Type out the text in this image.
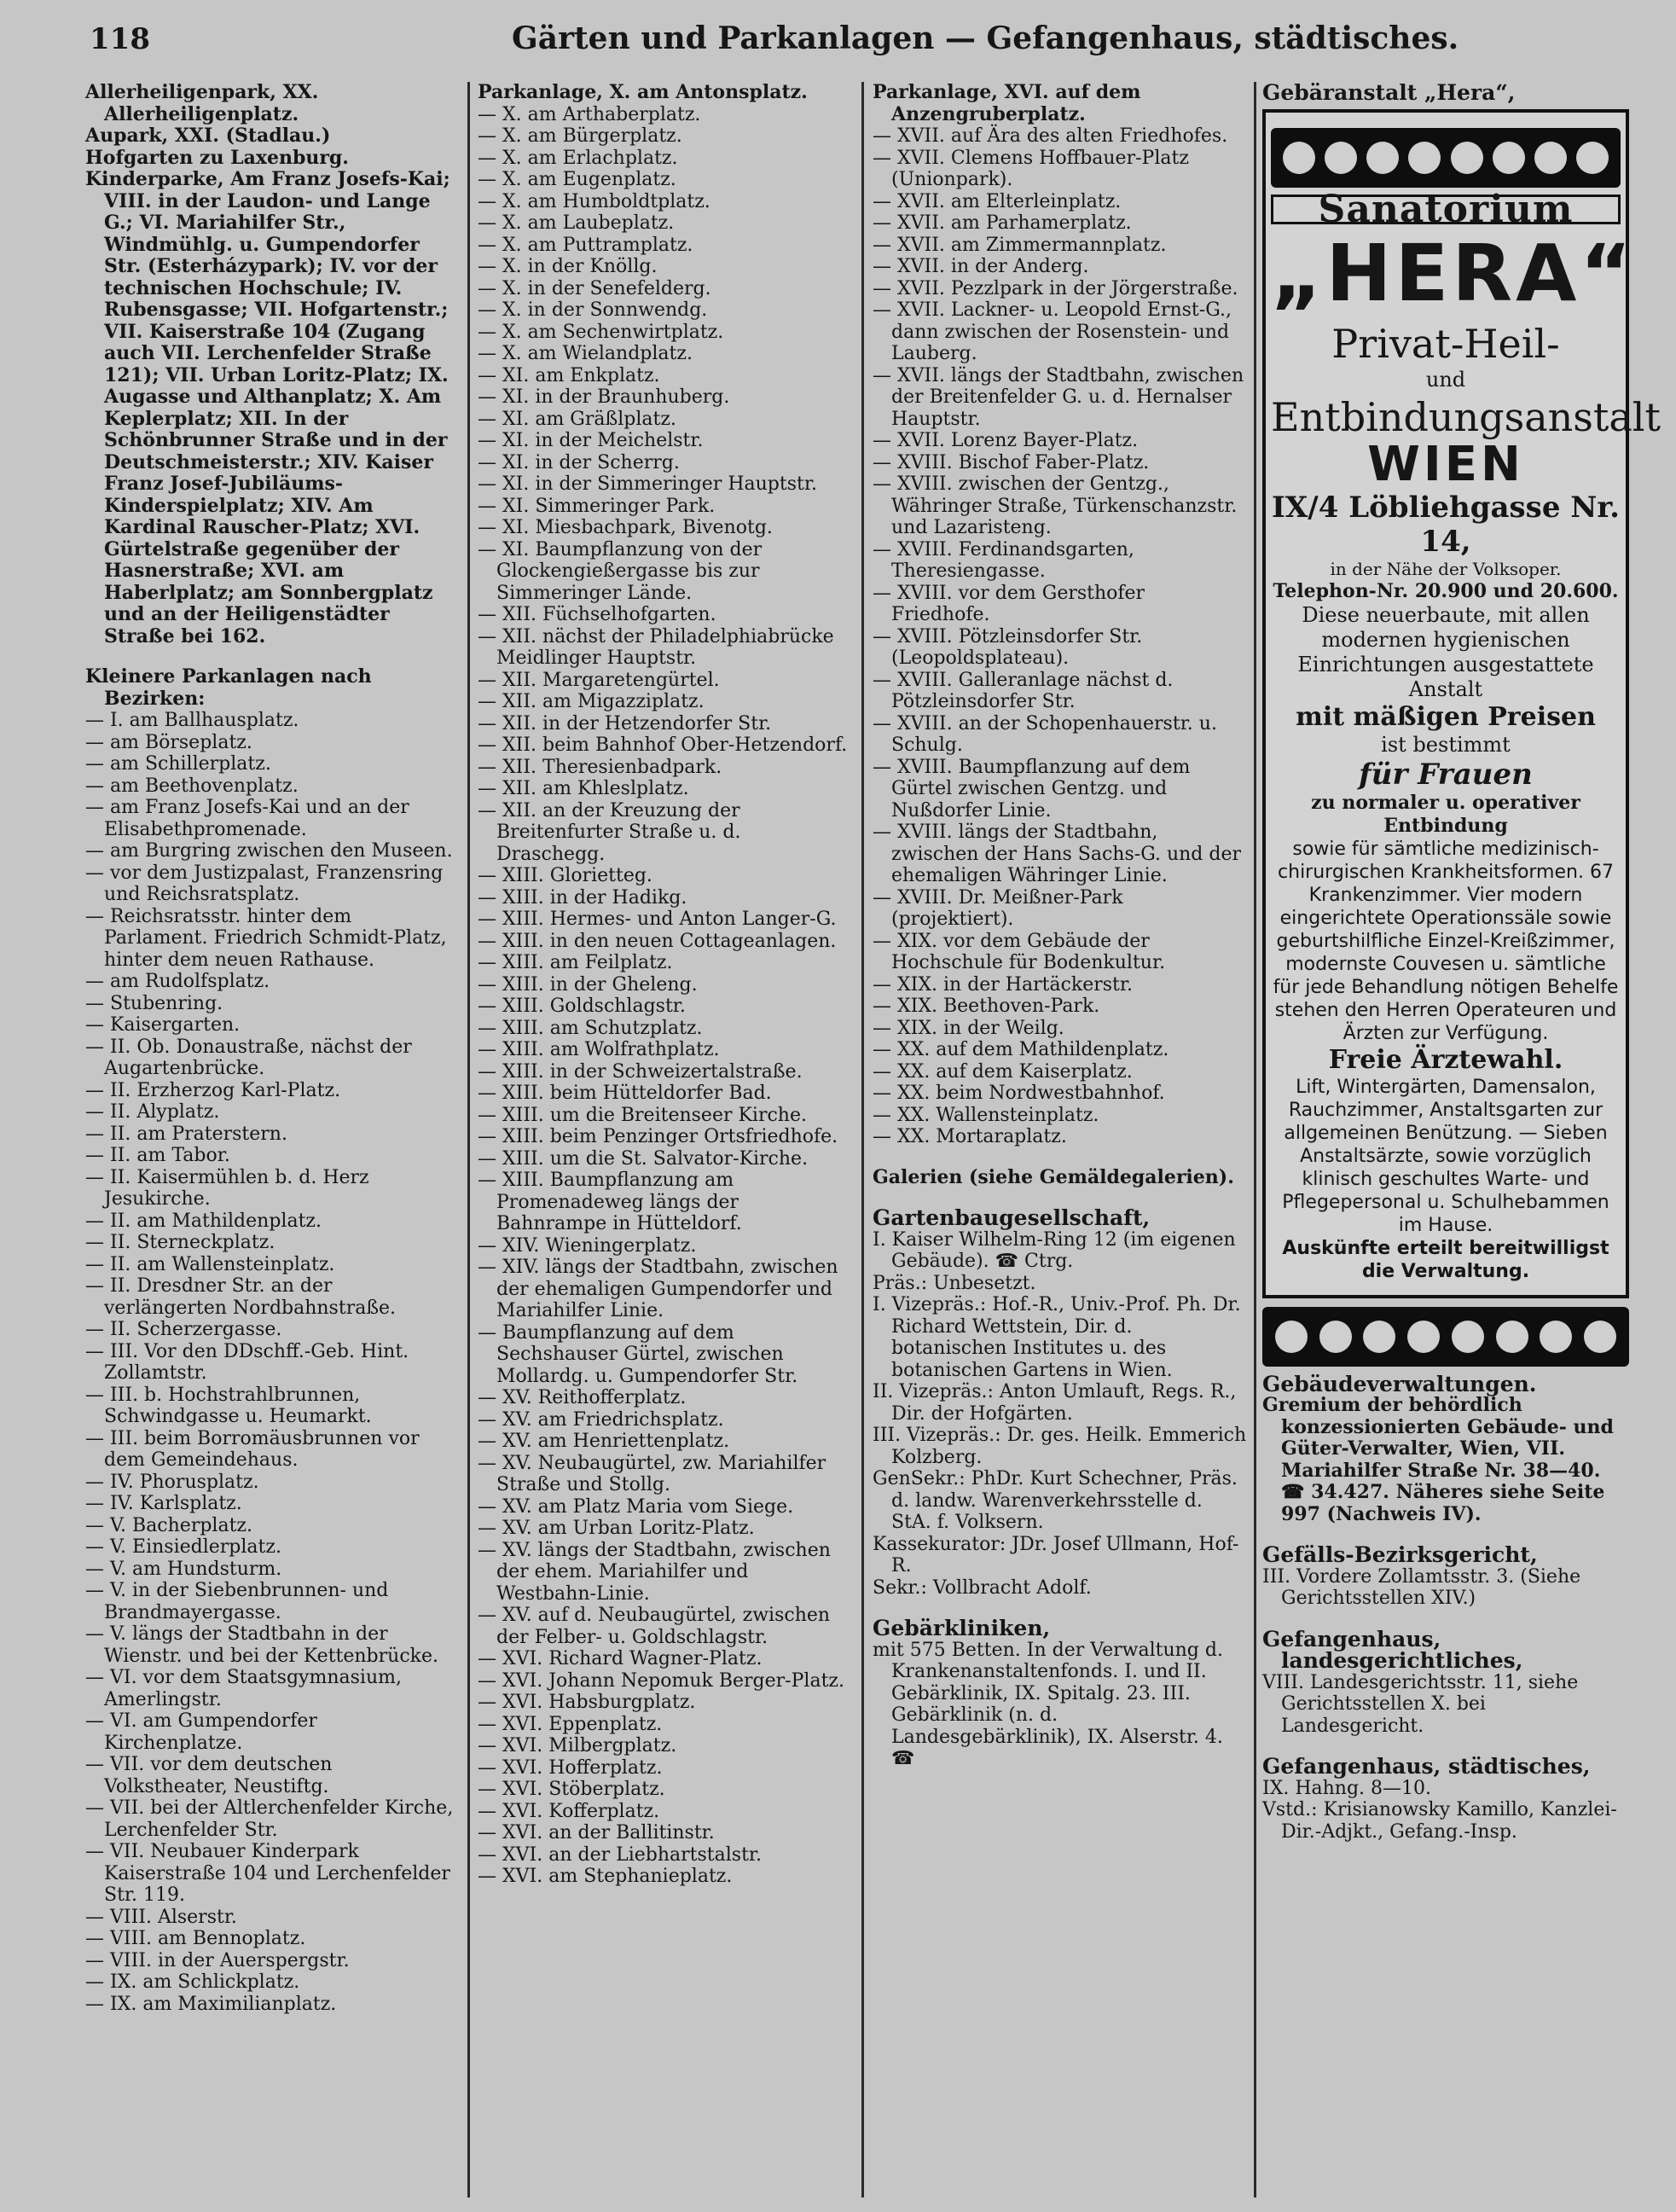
118	Gärten und Parkanlagen — Gefangenhaus, städtisches.

Allerheiligenpark, XX. Allerheiligenplatz.

Aupark, XXI. (Stadlau.)

Hofgarten zu Laxenburg.

Kinderparke, Am Franz Josefs-Kai; VIII. in der Laudon- und Lange G.; VI. Mariahilfer Str., Windmühlg. u. Gumpendorfer Str. (Esterházypark); IV. vor der technischen Hochschule; IV. Rubensgasse; VII. Hofgartenstr.; VII. Kaiserstraße 104 (Zugang auch VII. Lerchenfelder Straße 121); VII. Urban Loritz-Platz; IX. Augasse und Althanplatz; X. Am Keplerplatz; XII. In der Schönbrunner Straße und in der Deutschmeisterstr.; XIV. Kaiser Franz Josef-Jubiläums-Kinderspielplatz; XIV. Am Kardinal Rauscher-Platz; XVI. Gürtelstraße gegenüber der Hasnerstraße; XVI. am Haberlplatz; am Sonnbergplatz und an der Heiligenstädter Straße bei 162.

Kleinere Parkanlagen nach Bezirken:

— I. am Ballhausplatz.

— am Börseplatz.

— am Schillerplatz.

— am Beethovenplatz.

— am Franz Josefs-Kai und an der Elisabethpromenade.

— am Burgring zwischen den Museen.

— vor dem Justizpalast, Franzensring und Reichsratsplatz.

— Reichsratsstr. hinter dem Parlament. Friedrich Schmidt-Platz, hinter dem neuen Rathause.

— am Rudolfsplatz.

— Stubenring.

— Kaisergarten.

— II. Ob. Donaustraße, nächst der Augartenbrücke.

— II. Erzherzog Karl-Platz.

— II. Alyplatz.

— II. am Praterstern.

— II. am Tabor.

— II. Kaisermühlen b. d. Herz Jesukirche.

— II. am Mathildenplatz.

— II. Sterneckplatz.

— II. am Wallensteinplatz.

— II. Dresdner Str. an der verlängerten Nordbahnstraße.

— II. Scherzergasse.

— III. Vor den DDschff.-Geb. Hint. Zollamtstr.

— III. b. Hochstrahlbrunnen, Schwindgasse u. Heumarkt.

— III. beim Borromäusbrunnen vor dem Gemeindehaus.

— IV. Phorusplatz.

— IV. Karlsplatz.

— V. Bacherplatz.

— V. Einsiedlerplatz.

— V. am Hundsturm.

— V. in der Siebenbrunnen- und Brandmayergasse.

— V. längs der Stadtbahn in der Wienstr. und bei der Kettenbrücke.

— VI. vor dem Staatsgymnasium, Amerlingstr.

— VI. am Gumpendorfer Kirchenplatze.

— VII. vor dem deutschen Volkstheater, Neustiftg.

— VII. bei der Altlerchenfelder Kirche, Lerchenfelder Str.

— VII. Neubauer Kinderpark Kaiserstraße 104 und Lerchenfelder Str. 119.

— VIII. Alserstr.

— VIII. am Bennoplatz.

— VIII. in der Auerspergstr.

— IX. am Schlickplatz.

— IX. am Maximilianplatz.

Parkanlage, X. am Antonsplatz.

— X. am Arthaberplatz.

— X. am Bürgerplatz.

— X. am Erlachplatz.

— X. am Eugenplatz.

— X. am Humboldtplatz.

— X. am Laubeplatz.

— X. am Puttramplatz.

— X. in der Knöllg.

— X. in der Senefelderg.

— X. in der Sonnwendg.

— X. am Sechenwirtplatz.

— X. am Wielandplatz.

— XI. am Enkplatz.

— XI. in der Braunhuberg.

— XI. am Gräßlplatz.

— XI. in der Meichelstr.

— XI. in der Scherrg.

— XI. in der Simmeringer Hauptstr.

— XI. Simmeringer Park.

— XI. Miesbachpark, Bivenotg.

— XI. Baumpflanzung von der Glockengießergasse bis zur Simmeringer Lände.

— XII. Füchselhofgarten.

— XII. nächst der Philadelphiabrücke Meidlinger Hauptstr.

— XII. Margaretengürtel.

— XII. am Migazziplatz.

— XII. in der Hetzendorfer Str.

— XII. beim Bahnhof Ober-Hetzendorf.

— XII. Theresienbadpark.

— XII. am Khleslplatz.

— XII. an der Kreuzung der Breitenfurter Straße u. d. Draschegg.

— XIII. Glorietteg.

— XIII. in der Hadikg.

— XIII. Hermes- und Anton Langer-G.

— XIII. in den neuen Cottageanlagen.

— XIII. am Feilplatz.

— XIII. in der Gheleng.

— XIII. Goldschlagstr.

— XIII. am Schutzplatz.

— XIII. am Wolfrathplatz.

— XIII. in der Schweizertalstraße.

— XIII. beim Hütteldorfer Bad.

— XIII. um die Breitenseer Kirche.

— XIII. beim Penzinger Ortsfriedhofe.

— XIII. um die St. Salvator-Kirche.

— XIII. Baumpflanzung am Promenadeweg längs der Bahnrampe in Hütteldorf.

— XIV. Wieningerplatz.

— XIV. längs der Stadtbahn, zwischen der ehemaligen Gumpendorfer und Mariahilfer Linie.

— Baumpflanzung auf dem Sechshauser Gürtel, zwischen Mollardg. u. Gumpendorfer Str.

— XV. Reithofferplatz.

— XV. am Friedrichsplatz.

— XV. am Henriettenplatz.

— XV. Neubaugürtel, zw. Mariahilfer Straße und Stollg.

— XV. am Platz Maria vom Siege.

— XV. am Urban Loritz-Platz.

— XV. längs der Stadtbahn, zwischen der ehem. Mariahilfer und Westbahn-Linie.

— XV. auf d. Neubaugürtel, zwischen der Felber- u. Goldschlagstr.

— XVI. Richard Wagner-Platz.

— XVI. Johann Nepomuk Berger-Platz.

— XVI. Habsburgplatz.

— XVI. Eppenplatz.

— XVI. Milbergplatz.

— XVI. Hofferplatz.

— XVI. Stöberplatz.

— XVI. Kofferplatz.

— XVI. an der Ballitinstr.

— XVI. an der Liebhartstalstr.

— XVI. am Stephanieplatz.

Parkanlage, XVI. auf dem Anzengruberplatz.

— XVII. auf Ära des alten Friedhofes.

— XVII. Clemens Hoffbauer-Platz (Unionpark).

— XVII. am Elterleinplatz.

— XVII. am Parhamerplatz.

— XVII. am Zimmermannplatz.

— XVII. in der Anderg.

— XVII. Pezzlpark in der Jörgerstraße.

— XVII. Lackner- u. Leopold Ernst-G., dann zwischen der Rosenstein- und Lauberg.

— XVII. längs der Stadtbahn, zwischen der Breitenfelder G. u. d. Hernalser Hauptstr.

— XVII. Lorenz Bayer-Platz.

— XVIII. Bischof Faber-Platz.

— XVIII. zwischen der Gentzg., Währinger Straße, Türkenschanzstr. und Lazaristeng.

— XVIII. Ferdinandsgarten, Theresiengasse.

— XVIII. vor dem Gersthofer Friedhofe.

— XVIII. Pötzleinsdorfer Str. (Leopoldsplateau).

— XVIII. Galleranlage nächst d. Pötzleinsdorfer Str.

— XVIII. an der Schopenhauerstr. u. Schulg.

— XVIII. Baumpflanzung auf dem Gürtel zwischen Gentzg. und Nußdorfer Linie.

— XVIII. längs der Stadtbahn, zwischen der Hans Sachs-G. und der ehemaligen Währinger Linie.

— XVIII. Dr. Meißner-Park (projektiert).

— XIX. vor dem Gebäude der Hochschule für Bodenkultur.

— XIX. in der Hartäckerstr.

— XIX. Beethoven-Park.

— XIX. in der Weilg.

— XX. auf dem Mathildenplatz.

— XX. auf dem Kaiserplatz.

— XX. beim Nordwestbahnhof.

— XX. Wallensteinplatz.

— XX. Mortaraplatz.

Galerien (siehe Gemäldegalerien).

Gartenbaugesellschaft,

I. Kaiser Wilhelm-Ring 12 (im eigenen Gebäude). ☎ Ctrg.

Präs.: Unbesetzt.

I. Vizepräs.: Hof.-R., Univ.-Prof. Ph. Dr. Richard Wettstein, Dir. d. botanischen Institutes u. des botanischen Gartens in Wien.

II. Vizepräs.: Anton Umlauft, Regs. R., Dir. der Hofgärten.

III. Vizepräs.: Dr. ges. Heilk. Emmerich Kolzberg.

GenSekr.: PhDr. Kurt Schechner, Präs. d. landw. Warenverkehrsstelle d. StA. f. Volksern.

Kassekurator: JDr. Josef Ullmann, Hof-R.

Sekr.: Vollbracht Adolf.

Gebärkliniken,

mit 575 Betten. In der Verwaltung d. Krankenanstaltenfonds. I. und II. Gebärklinik, IX. Spitalg. 23. III. Gebärklinik (n. d. Landesgebärklinik), IX. Alserstr. 4. ☎

Gebäranstalt „Hera“,

Sanatorium
„HERA“
Privat-Heil-
und
Entbindungsanstalt
WIEN
IX/4 Löbliehgasse Nr. 14,
in der Nähe der Volksoper.
Telephon-Nr. 20.900 und 20.600.
Diese neuerbaute, mit allen modernen hygienischen Einrichtungen ausgestattete Anstalt
mit mäßigen Preisen
ist bestimmt
für Frauen
zu normaler u. operativer Entbindung
sowie für sämtliche medizinisch-chirurgischen Krankheitsformen. 67 Krankenzimmer. Vier modern eingerichtete Operationssäle sowie geburtshilfliche Einzel-Kreißzimmer, modernste Couvesen u. sämtliche für jede Behandlung nötigen Behelfe stehen den Herren Operateuren und Ärzten zur Verfügung.
Freie Ärztewahl.
Lift, Wintergärten, Damensalon, Rauchzimmer, Anstaltsgarten zur allgemeinen Benützung. — Sieben Anstaltsärzte, sowie vorzüglich klinisch geschultes Warte- und Pflegepersonal u. Schulhebammen im Hause.
Auskünfte erteilt bereitwilligst die Verwaltung.

Gebäudeverwaltungen.

Gremium der behördlich konzessionierten Gebäude- und Güter-Verwalter, Wien, VII. Mariahilfer Straße Nr. 38—40. ☎ 34.427. Näheres siehe Seite 997 (Nachweis IV).

Gefälls-Bezirksgericht,

III. Vordere Zollamtsstr. 3. (Siehe Gerichtsstellen XIV.)

Gefangenhaus, landesgerichtliches,

VIII. Landesgerichtsstr. 11, siehe Gerichtsstellen X. bei Landesgericht.

Gefangenhaus, städtisches,

IX. Hahng. 8—10.

Vstd.: Krisianowsky Kamillo, Kanzlei-Dir.-Adjkt., Gefang.-Insp.
